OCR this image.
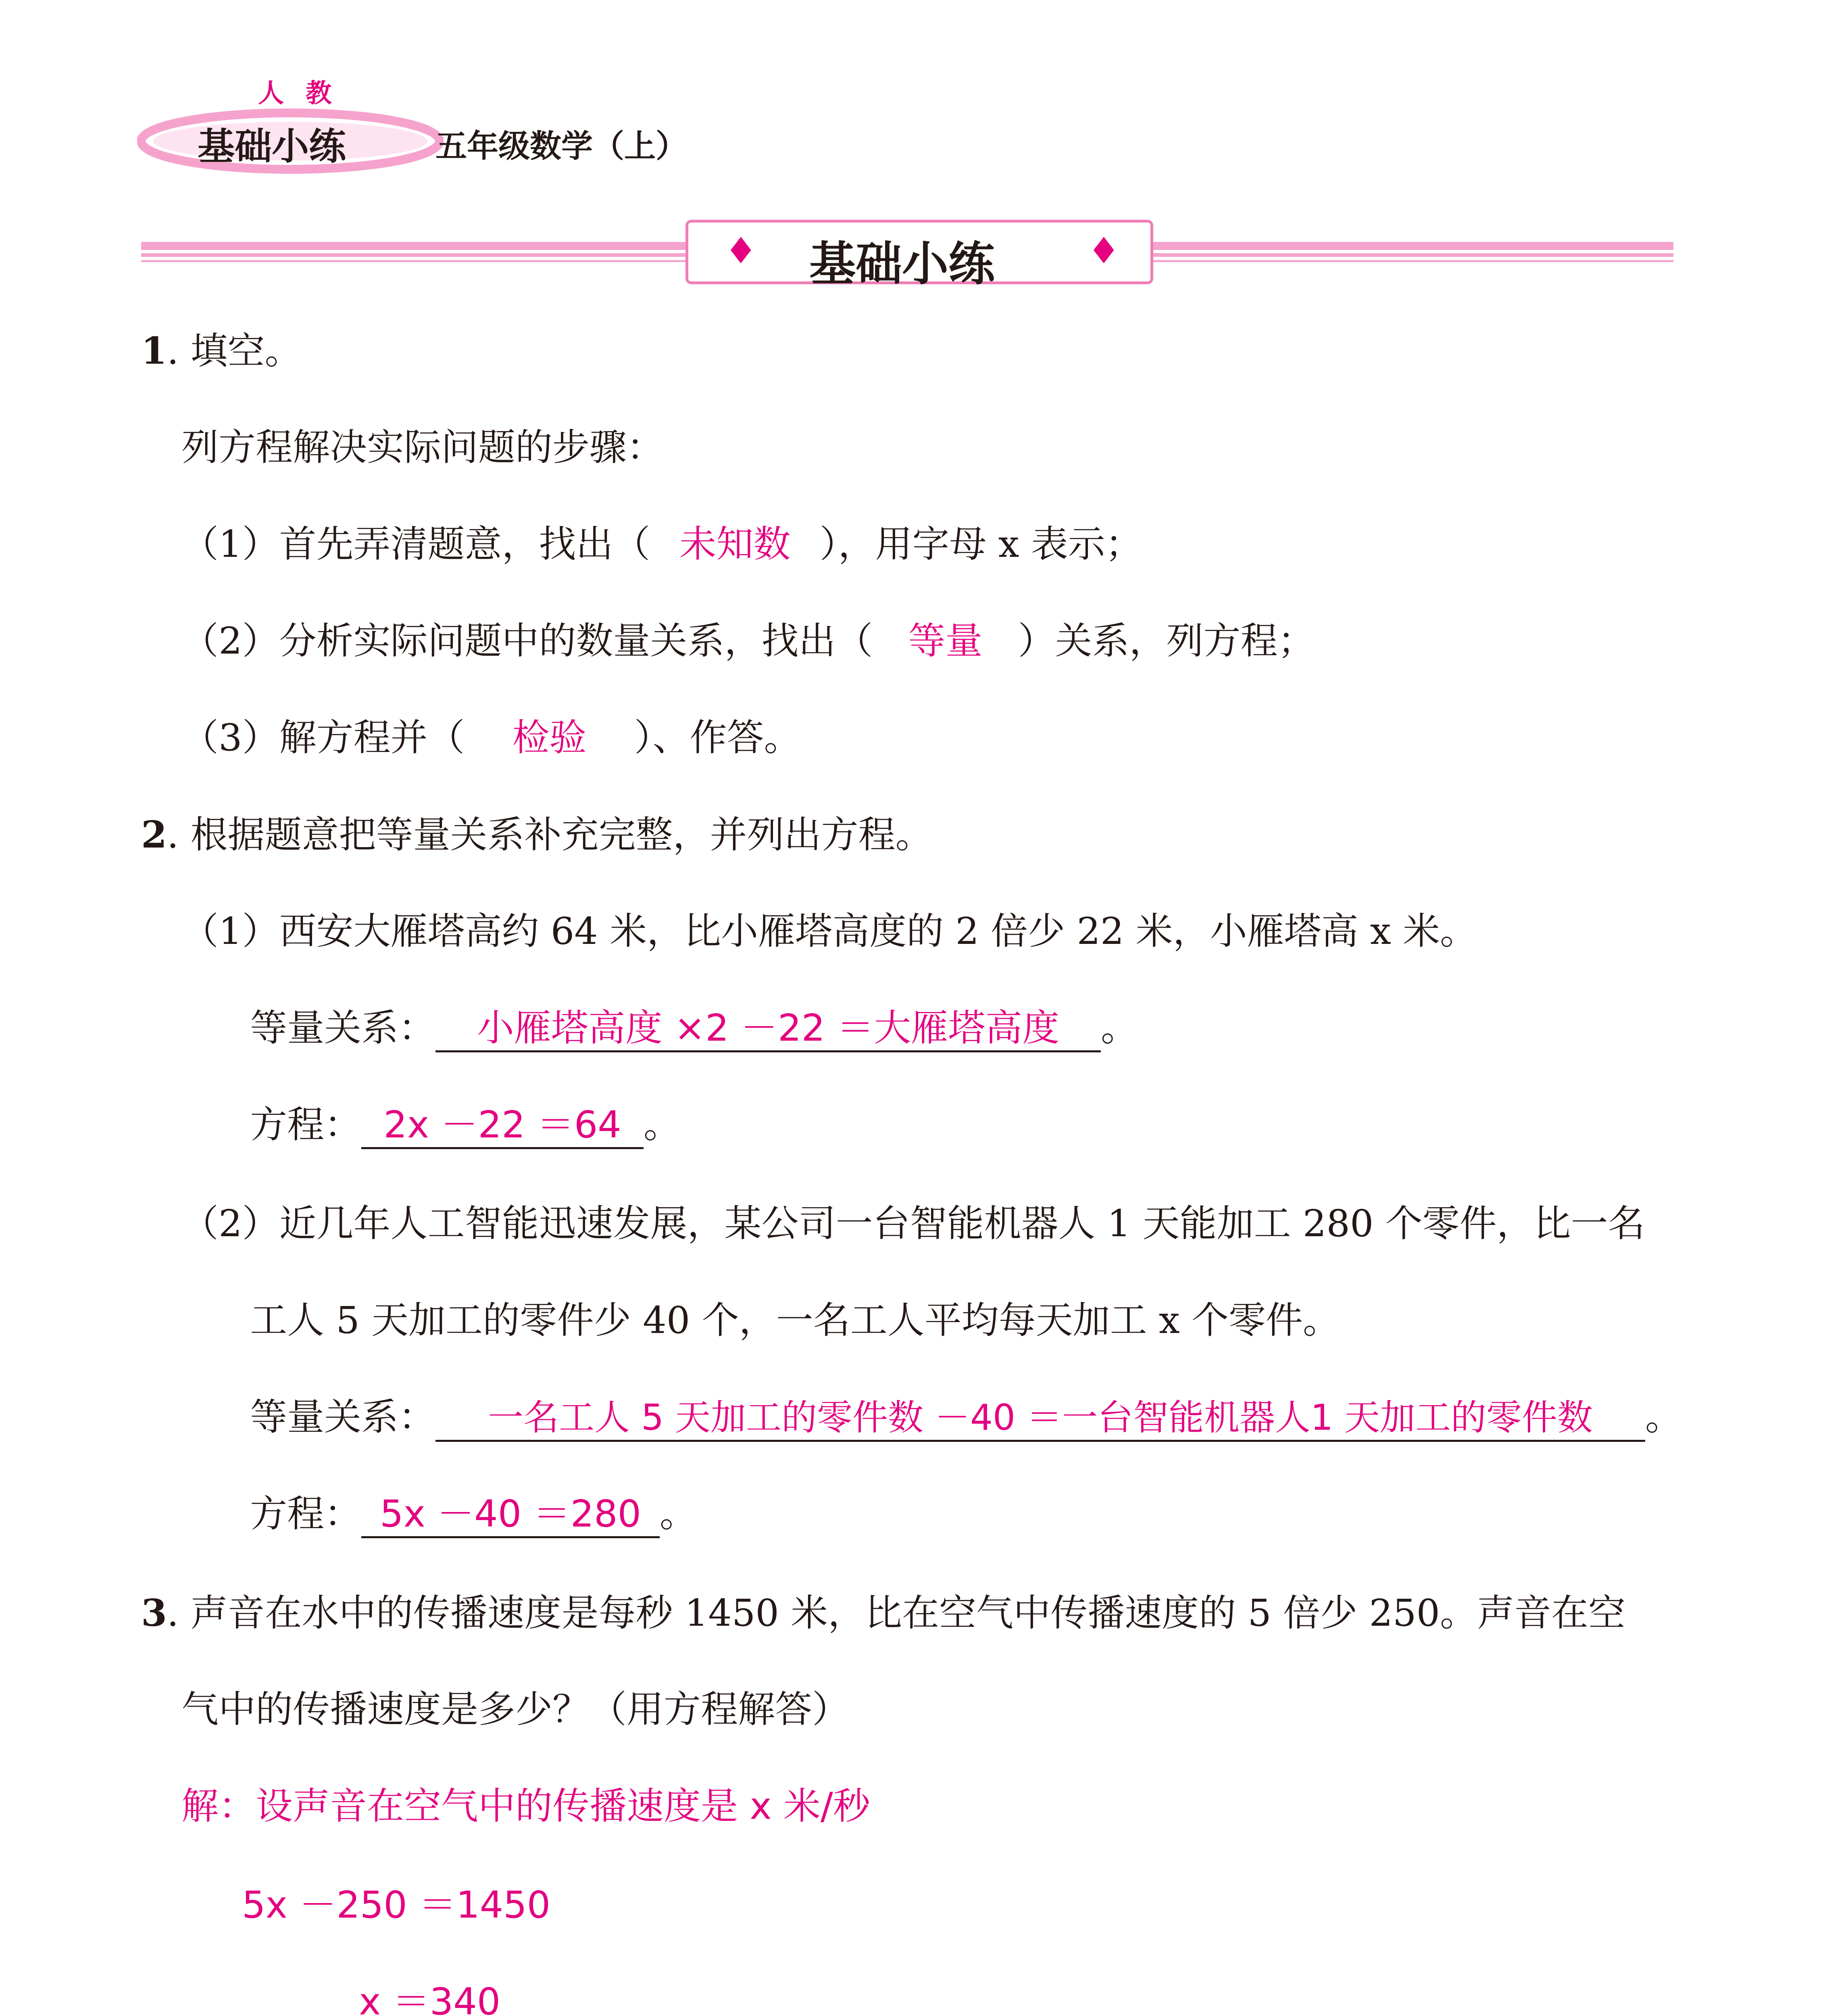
人 教
基础小练	五年级数学（上）
♦ 基础小练	♦
1. 填空。
列方程解决实际问题的步骤：
（1）首先弄清题意，找出（ 未知数 ），用字母 x 表示；
（2）分析实际问题中的数量关系，找出（ 等量 ）关系，列方程；
（3）解方程并（ 检验 ）、作答。
2. 根据题意把等量关系补充完整，并列出方程。
（1）西安大雁塔高约 64 米，比小雁塔高度的 2 倍少 22 米，小雁塔高 x 米。
等量关系： 小雁塔高度 ×2 －22 ＝大雁塔高度 。
方程： 2x －22 ＝64 。
（2）近几年人工智能迅速发展，某公司一台智能机器人 1 天能加工 280 个零件，比一名
工人 5 天加工的零件少 40 个，一名工人平均每天加工 x 个零件。
等量关系： 一名工人 5 天加工的零件数 －40 ＝一台智能机器人1 天加工的零件数 。
方程： 5x －40 ＝280 。
3. 声音在水中的传播速度是每秒 1450 米，比在空气中传播速度的 5 倍少 250。声音在空
气中的传播速度是多少？（用方程解答）
解：设声音在空气中的传播速度是 x 米/秒
5x －250 ＝1450
x ＝340
